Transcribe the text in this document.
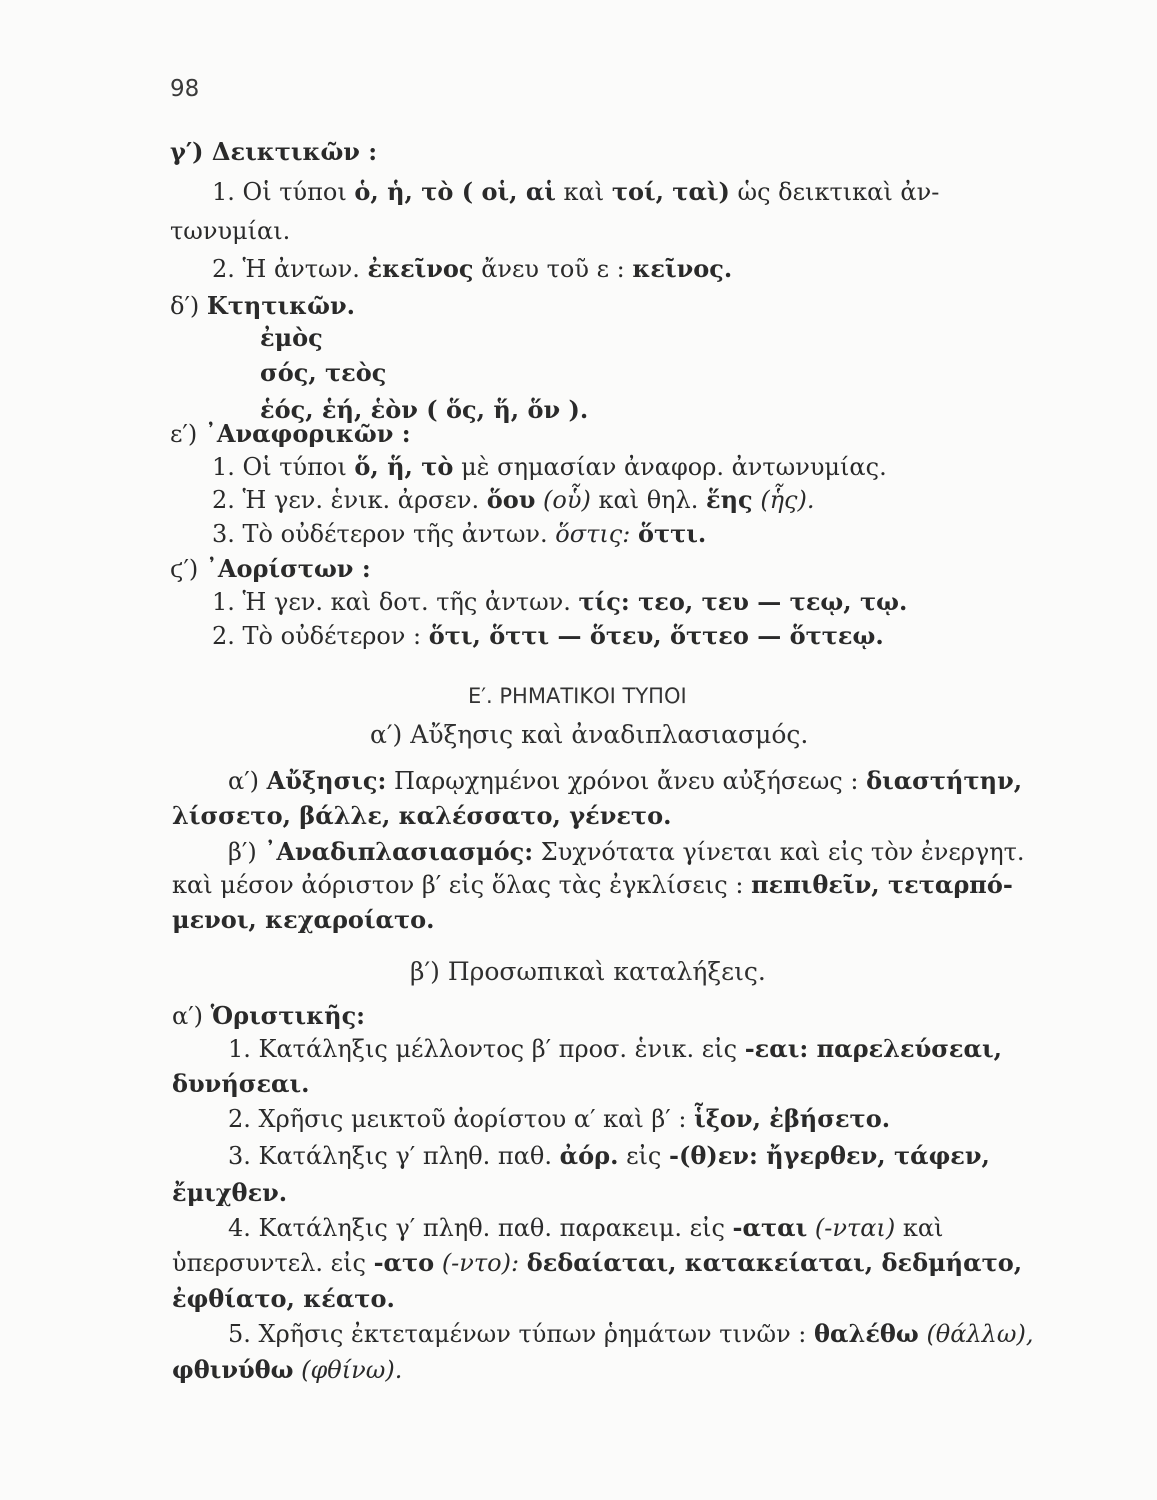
98
γ′) Δεικτικῶν :
1. Οἱ τύποι ὁ, ἡ, τὸ ( οἱ, αἱ καὶ τοί, ταὶ) ὡς δεικτικαὶ ἀν-
τωνυμίαι.
2. Ἡ ἀντων. ἐκεῖνος ἄνευ τοῦ ε : κεῖνος.
δ′) Κτητικῶν.
ἐμὸς
σός, τεὸς
ἑός, ἑή, ἑὸν ( ὅς, ἥ, ὅν ).
ε′) ᾿Αναφορικῶν :
1. Οἱ τύποι ὅ, ἥ, τὸ μὲ σημασίαν ἀναφορ. ἀντωνυμίας.
2. Ἡ γεν. ἑνικ. ἀρσεν. ὅου (οὗ) καὶ θηλ. ἕης (ἧς).
3. Τὸ οὐδέτερον τῆς ἀντων. ὅστις: ὅττι.
ϛ′) ᾿Αορίστων :
1. Ἡ γεν. καὶ δοτ. τῆς ἀντων. τίς: τεο, τευ — τεῳ, τῳ.
2. Τὸ οὐδέτερον : ὅτι, ὅττι — ὅτευ, ὅττεο — ὅττεῳ.
Ε′. ΡΗΜΑΤΙΚΟΙ ΤΥΠΟΙ
α′) Αὔξησις καὶ ἀναδιπλασιασμός.
α′) Αὔξησις: Παρῳχημένοι χρόνοι ἄνευ αὐξήσεως : διαστήτην,
λίσσετο, βάλλε, καλέσσατο, γένετο.
β′) ᾿Αναδιπλασιασμός: Συχνότατα γίνεται καὶ εἰς τὸν ἐνεργητ.
καὶ μέσον ἀόριστον β′ εἰς ὅλας τὰς ἐγκλίσεις : πεπιθεῖν, τεταρπό-
μενοι, κεχαροίατο.
β′) Προσωπικαὶ καταλήξεις.
α′) Ὁριστικῆς:
1. Κατάληξις μέλλοντος β′ προσ. ἑνικ. εἰς -εαι: παρελεύσεαι,
δυνήσεαι.
2. Χρῆσις μεικτοῦ ἀορίστου α′ καὶ β′ : ἷξον, ἐβήσετο.
3. Κατάληξις γ′ πληθ. παθ. ἀόρ. εἰς -(θ)εν: ἤγερθεν, τάφεν,
ἔμιχθεν.
4. Κατάληξις γ′ πληθ. παθ. παρακειμ. εἰς -αται (-νται) καὶ
ὑπερσυντελ. εἰς -ατο (-ντο): δεδαίαται, κατακείαται, δεδμήατο,
ἐφθίατο, κέατο.
5. Χρῆσις ἐκτεταμένων τύπων ῥημάτων τινῶν : θαλέθω (θάλλω),
φθινύθω (φθίνω).
